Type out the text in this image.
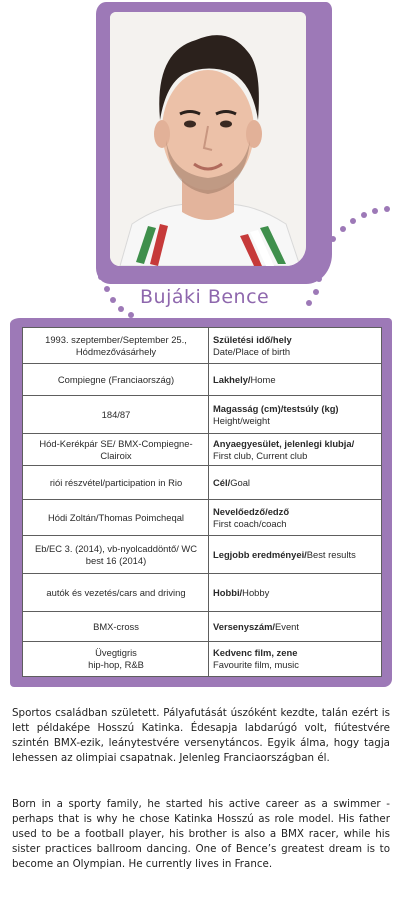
Bujáki Bence
1993. szeptember/September 25., Hódmezővásárhely	Születési idő/hely
Date/Place of birth
Compiegne (Franciaország)	Lakhely/Home
184/87	Magasság (cm)/testsúly (kg)
Height/weight
Hód-Kerékpár SE/ BMX-Compiegne-Clairoix	Anyaegyesület, jelenlegi klubja/
First club, Current club
riói részvétel/participation in Rio	Cél/Goal
Hódi Zoltán/Thomas Poimcheqal	Nevelőedző/edző
First coach/coach
Eb/EC 3. (2014), vb-nyolcaddöntő/ WC best 16 (2014)	Legjobb eredményei/Best results
autók és vezetés/cars and driving	Hobbi/Hobby
BMX-cross	Versenyszám/Event
Üvegtigris
hip-hop, R&B	Kedvenc film, zene
Favourite film, music

Sportos családban született. Pályafutását úszóként kezdte, talán ezért is lett példaképe Hosszú Katinka. Édesapja labdarúgó volt, fiútestvére szintén BMX-ezik, leánytestvére versenytáncos. Egyik álma, hogy tagja lehessen az olimpiai csapatnak. Jelenleg Franciaországban él.

Born in a sporty family, he started his active career as a swimmer - perhaps that is why he chose Katinka Hosszú as role model. His father used to be a football player, his brother is also a BMX racer, while his sister practices ballroom dancing. One of Bence’s greatest dream is to become an Olympian. He currently lives in France.
